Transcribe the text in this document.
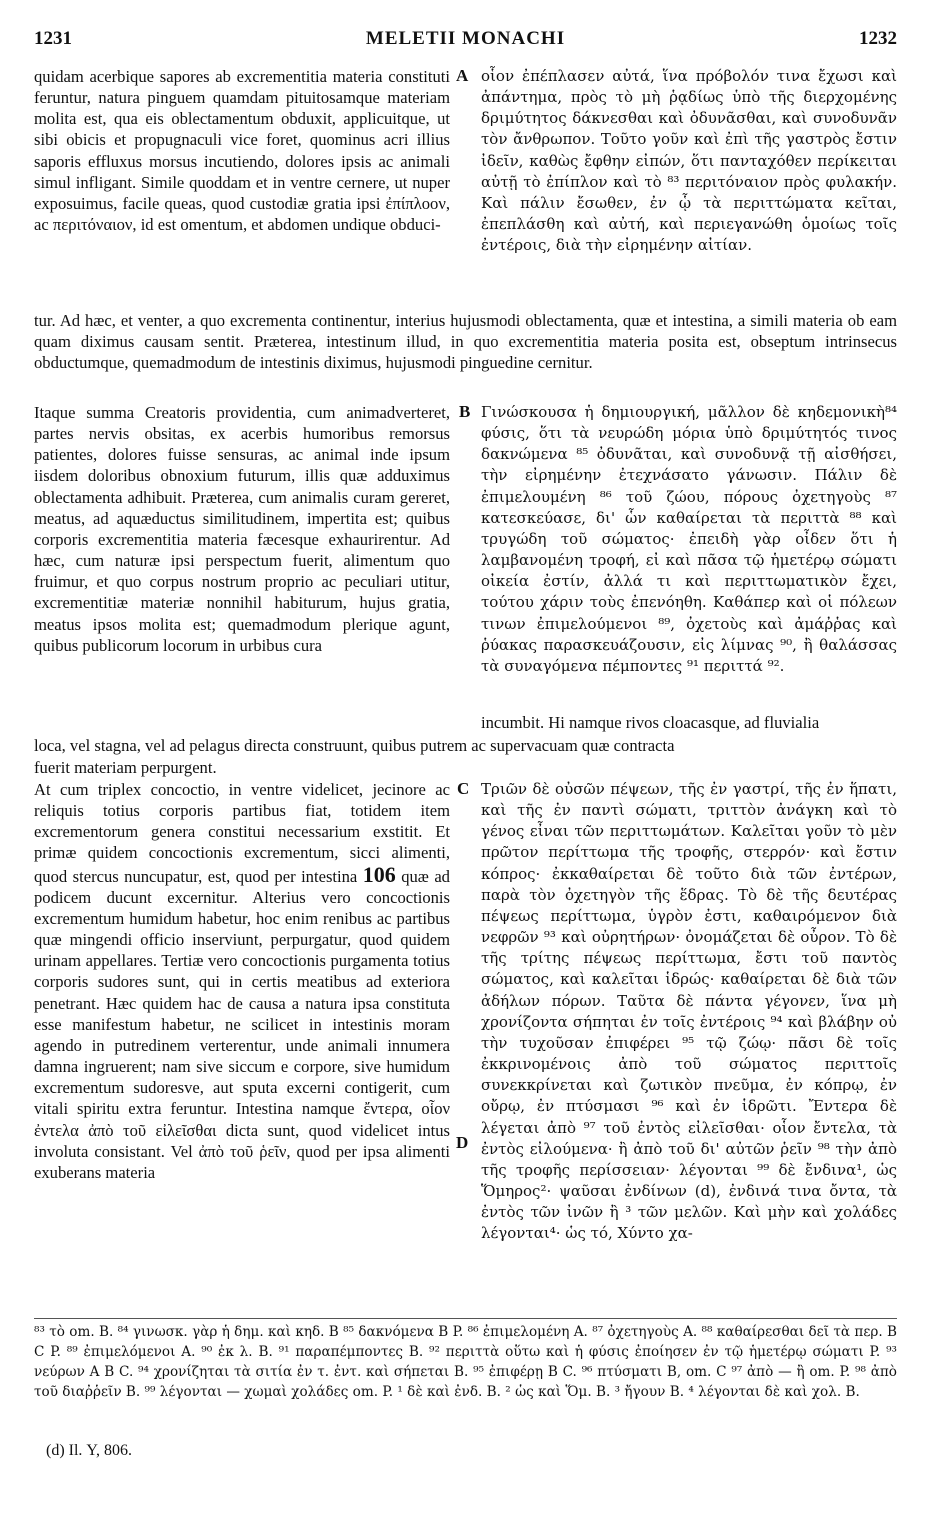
1231	MELETII MONACHI	1232
quidam acerbique sapores ab excrementitia materia constituti feruntur, natura pinguem quamdam pituitosamque materiam molita est, qua eis oblectamentum obduxit, applicuitque, ut sibi obicis et propugnaculi vice foret, quominus acri illius saporis effluxus morsus incutiendo, dolores ipsis ac animali simul infligant. Simile quoddam et in ventre cernere, ut nuper exposuimus, facile queas, quod custodiæ gratia ipsi ἐπίπλοον, ac περιτόναιον, id est omentum, et abdomen undique obduci-
A οἷον ἐπέπλασεν αὐτά, ἵνα πρόβολόν τινα ἔχωσι καὶ ἀπάντημα, πρὸς τὸ μὴ ῥᾳδίως ὑπὸ τῆς διερχομένης δριμύτητος δάκνεσθαι καὶ ὀδυνᾶσθαι, καὶ συνοδυνᾶν τὸν ἄνθρωπον. Τοῦτο γοῦν καὶ ἐπὶ τῆς γαστρὸς ἔστιν ἰδεῖν, καθὼς ἔφθην εἰπών, ὅτι πανταχόθεν περίκειται αὐτῇ τὸ ἐπίπλον καὶ τὸ ⁸³ περιτόναιον πρὸς φυλακήν. Καὶ πάλιν ἔσωθεν, ἐν ᾧ τὰ περιττώματα κεῖται, ἐπεπλάσθη καὶ αὐτή, καὶ περιεγανώθη ὁμοίως τοῖς ἐντέροις, διὰ τὴν εἰρημένην αἰτίαν.
tur. Ad hæc, et venter, a quo excrementa continentur, interius hujusmodi oblectamenta, quæ et intestina, a simili materia ob eam quam diximus causam sentit. Præterea, intestinum illud, in quo excrementitia materia posita est, obseptum intrinsecus obductumque, quemadmodum de intestinis diximus, hujusmodi pinguedine cernitur.
Itaque summa Creatoris providentia, cum animadverteret, partes nervis obsitas, ex acerbis humoribus remorsus patientes, dolores fuisse sensuras, ac animal inde ipsum iisdem doloribus obnoxium futurum, illis quæ adduximus oblectamenta adhibuit. Præterea, cum animalis curam gereret, meatus, ad aquæductus similitudinem, impertita est; quibus corporis excrementitia materia fæcesque exhaurirentur. Ad hæc, cum naturæ ipsi perspectum fuerit, alimentum quo fruimur, et quo corpus nostrum proprio ac peculiari utitur, excrementitiæ materiæ nonnihil habiturum, hujus gratia, meatus ipsos molita est; quemadmodum plerique agunt, quibus publicorum locorum in urbibus cura
B Γινώσκουσα ἡ δημιουργική, μᾶλλον δὲ κηδεμονικὴ⁸⁴ φύσις, ὅτι τὰ νευρώδη μόρια ὑπὸ δριμύτητός τινος δακνώμενα ⁸⁵ ὀδυνᾶται, καὶ συνοδυνᾷ τῇ αἰσθήσει, τὴν εἰρημένην ἐτεχνάσατο γάνωσιν. Πάλιν δὲ ἐπιμελουμένη ⁸⁶ τοῦ ζώου, πόρους ὀχετηγοὺς ⁸⁷ κατεσκεύασε, δι' ὧν καθαίρεται τὰ περιττὰ ⁸⁸ καὶ τρυγώδη τοῦ σώματος· ἐπειδὴ γὰρ οἶδεν ὅτι ἡ λαμβανομένη τροφή, εἰ καὶ πᾶσα τῷ ἡμετέρῳ σώματι οἰκεία ἐστίν, ἀλλά τι καὶ περιττωματικὸν ἔχει, τούτου χάριν τοὺς ἐπενόηθη. Καθάπερ καὶ οἱ πόλεων τινων ἐπιμελούμενοι ⁸⁹, ὀχετοὺς καὶ ἀμάῤῥας καὶ ῥύακας παρασκευάζουσιν, εἰς λίμνας ⁹⁰, ἢ θαλάσσας τὰ συναγόμενα πέμποντες ⁹¹ περιττά ⁹².
incumbit. Hi namque rivos cloacasque, ad fluvialia
loca, vel stagna, vel ad pelagus directa construunt, quibus putrem ac supervacuam quæ contracta
fuerit materiam perpurgent.
At cum triplex concoctio, in ventre videlicet, jecinore ac reliquis totius corporis partibus fiat, totidem item excrementorum genera constitui necessarium exstitit. Et primæ quidem concoctionis excrementum, sicci alimenti, quod stercus nuncupatur, est, quod per intestina 106 quæ ad podicem ducunt excernitur. Alterius vero concoctionis excrementum humidum habetur, hoc enim renibus ac partibus quæ mingendi officio inserviunt, perpurgatur, quod quidem urinam appellares. Tertiæ vero concoctionis purgamenta totius corporis sudores sunt, qui in certis meatibus ad exteriora penetrant. Hæc quidem hac de causa a natura ipsa constituta esse manifestum habetur, ne scilicet in intestinis moram agendo in putredinem verterentur, unde animali innumera damna ingruerent; nam sive siccum e corpore, sive humidum excrementum sudoresve, aut sputa excerni contigerit, cum vitali spiritu extra feruntur. Intestina namque ἔντερα, οἷον ἐντελα ἀπὸ τοῦ εἰλεῖσθαι dicta sunt, quod videlicet intus involuta consistant. Vel ἀπὸ τοῦ ῥεῖν, quod per ipsa alimenti exuberans materia
C
D
Τριῶν δὲ οὐσῶν πέψεων, τῆς ἐν γαστρί, τῆς ἐν ἥπατι, καὶ τῆς ἐν παντὶ σώματι, τριττὸν ἀνάγκη καὶ τὸ γένος εἶναι τῶν περιττωμάτων. Καλεῖται γοῦν τὸ μὲν πρῶτον περίττωμα τῆς τροφῆς, στερρόν· καὶ ἔστιν κόπρος· ἐκκαθαίρεται δὲ τοῦτο διὰ τῶν ἐντέρων, παρὰ τὸν ὀχετηγὸν τῆς ἕδρας. Τὸ δὲ τῆς δευτέρας πέψεως περίττωμα, ὑγρὸν ἐστι, καθαιρόμενον διὰ νεφρῶν ⁹³ καὶ οὐρητήρων· ὀνομάζεται δὲ οὖρον. Τὸ δὲ τῆς τρίτης πέψεως περίττωμα, ἔστι τοῦ παντὸς σώματος, καὶ καλεῖται ἱδρώς· καθαίρεται δὲ διὰ τῶν ἀδήλων πόρων. Ταῦτα δὲ πάντα γέγονεν, ἵνα μὴ χρονίζοντα σήπηται ἐν τοῖς ἐντέροις ⁹⁴ καὶ βλάβην οὐ τὴν τυχοῦσαν ἐπιφέρει ⁹⁵ τῷ ζώῳ· πᾶσι δὲ τοῖς ἐκκρινομένοις ἀπὸ τοῦ σώματος περιττοῖς συνεκκρίνεται καὶ ζωτικὸν πνεῦμα, ἐν κόπρῳ, ἐν οὔρῳ, ἐν πτύσμασι ⁹⁶ καὶ ἐν ἱδρῶτι. Ἔντερα δὲ λέγεται ἀπὸ ⁹⁷ τοῦ ἐντὸς εἰλεῖσθαι· οἷον ἔντελα, τὰ ἐντὸς εἰλούμενα· ἢ ἀπὸ τοῦ δι' αὐτῶν ῥεῖν ⁹⁸ τὴν ἀπὸ τῆς τροφῆς περίσσειαν· λέγονται ⁹⁹ δὲ ἔνδινα¹, ὡς Ὅμηρος²· ψαῦσαι ἐνδίνων (d), ἐνδινά τινα ὄντα, τὰ ἐντὸς τῶν ἰνῶν ἢ ³ τῶν μελῶν. Καὶ μὴν καὶ χολάδες λέγονται⁴· ὡς τό, Χύντο χα-
⁸³ τὸ om. B. ⁸⁴ γινωσκ. γὰρ ἡ δημ. καὶ κηδ. B ⁸⁵ δακνόμενα B P. ⁸⁶ ἐπιμελομένη A. ⁸⁷ ὀχετηγοὺς A. ⁸⁸ καθαίρεσθαι δεῖ τὰ περ. B C P. ⁸⁹ ἐπιμελόμενοι A. ⁹⁰ ἐκ λ. B. ⁹¹ παραπέμποντες B. ⁹² περιττὰ οὕτω καὶ ἡ φύσις ἐποίησεν ἐν τῷ ἡμετέρῳ σώματι P. ⁹³ νεύρων A B C. ⁹⁴ χρονίζηται τὰ σιτία ἐν τ. ἐντ. καὶ σήπεται B. ⁹⁵ ἐπιφέρῃ B C. ⁹⁶ πτύσματι B, om. C ⁹⁷ ἀπὸ — ἢ om. P. ⁹⁸ ἀπὸ τοῦ διαῤῥεῖν B. ⁹⁹ λέγονται — χωμαὶ χολάδες om. P. ¹ δὲ καὶ ἐνδ. B. ² ὡς καὶ Ὅμ. B. ³ ἤγουν B. ⁴ λέγονται δὲ καὶ χολ. B.
(d) Il. Υ, 806.
